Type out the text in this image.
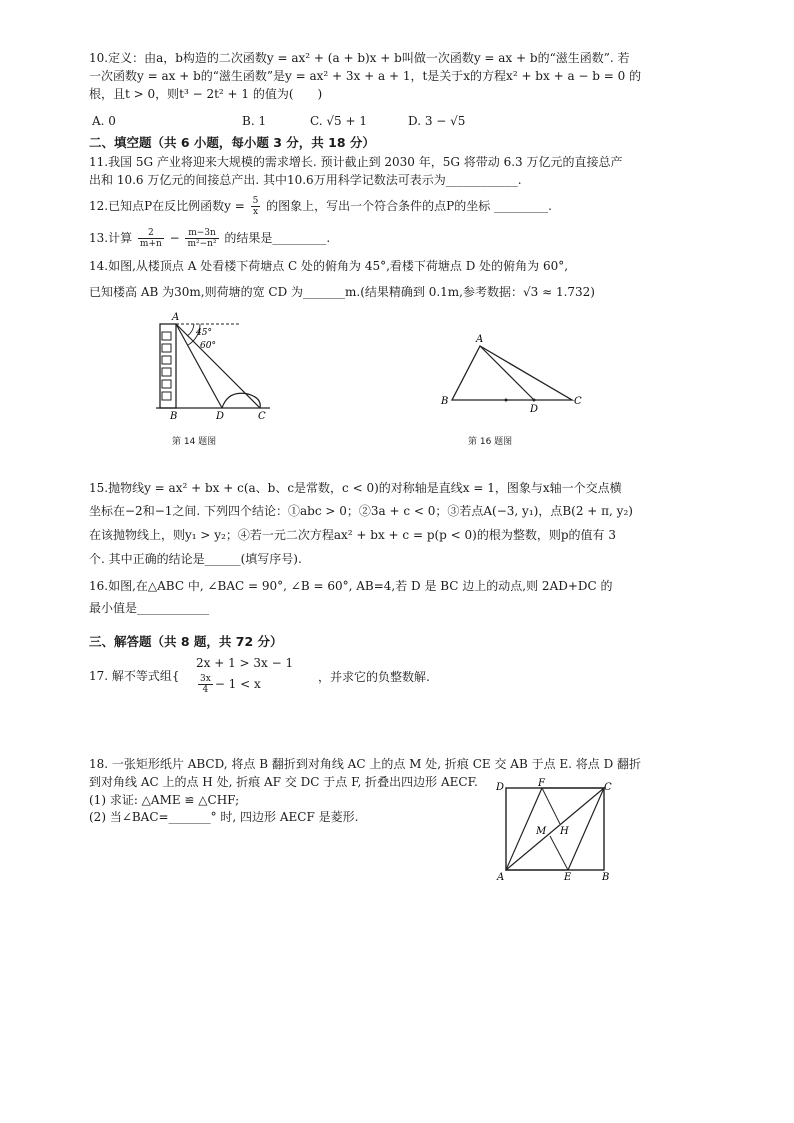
10.定义：由a，b构造的二次函数y = ax² + (a + b)x + b叫做一次函数y = ax + b的“滋生函数”. 若
一次函数y = ax + b的“滋生函数”是y = ax² + 3x + a + 1，t是关于x的方程x² + bx + a − b = 0 的
根，且t > 0，则t³ − 2t² + 1 的值为(　　)
A. 0	B. 1	C. √5 + 1	D. 3 − √5
二、填空题（共 6 小题，每小题 3 分，共 18 分）
11.我国 5G 产业将迎来大规模的需求增长. 预计截止到 2030 年，5G 将带动 6.3 万亿元的直接总产
出和 10.6 万亿元的间接总产出. 其中10.6万用科学记数法可表示为____________.
12.已知点P在反比例函数$y = \frac{5}{x}$ 的图象上，写出一个符合条件的点P的坐标 _________.
13.计算 $\frac{2}{m+n} - \frac{m-3n}{\text{m²−n²}}$ 的结果是_________.
14.如图,从楼顶点 A 处看楼下荷塘点 C 处的俯角为 45°,看楼下荷塘点 D 处的俯角为 60°,
已知楼高 AB 为30m,则荷塘的宽 CD 为_______m.(结果精确到 0.1m,参考数据：√3 ≈ 1.732)
A
45°
60°
B	D	C
第 14 题图
A
B
D
C
第 16 题图
15.抛物线y = ax² + bx + c(a、b、c是常数，c < 0)的对称轴是直线x = 1，图象与x轴一个交点横
坐标在−2和−1之间. 下列四个结论：①abc > 0；②3a + c < 0；③若点A(−3, y₁)，点B(2 + π, y₂)
在该抛物线上，则y₁ > y₂；④若一元二次方程ax² + bx + c = p(p < 0)的根为整数，则p的值有 3
个. 其中正确的结论是______(填写序号).
16.如图,在△ABC 中, ∠BAC = 90°, ∠B = 60°, AB=4,若 D 是 BC 边上的动点,则 2AD+DC 的
最小值是____________
三、解答题（共 8 题，共 72 分）
17. 解不等式组{
2x + 1 > 3x − 1
$\frac{3x}{4} - 1 < x$	，并求它的负整数解.
18. 一张矩形纸片 ABCD, 将点 B 翻折到对角线 AC 上的点 M 处, 折痕 CE 交 AB 于点 E. 将点 D 翻折
到对角线 AC 上的点 H 处, 折痕 AF 交 DC 于点 F, 折叠出四边形 AECF.
(1) 求证: △AME ≌ △CHF;
(2) 当∠BAC=_______° 时, 四边形 AECF 是菱形.
D	F	C
M H
A	E	B
